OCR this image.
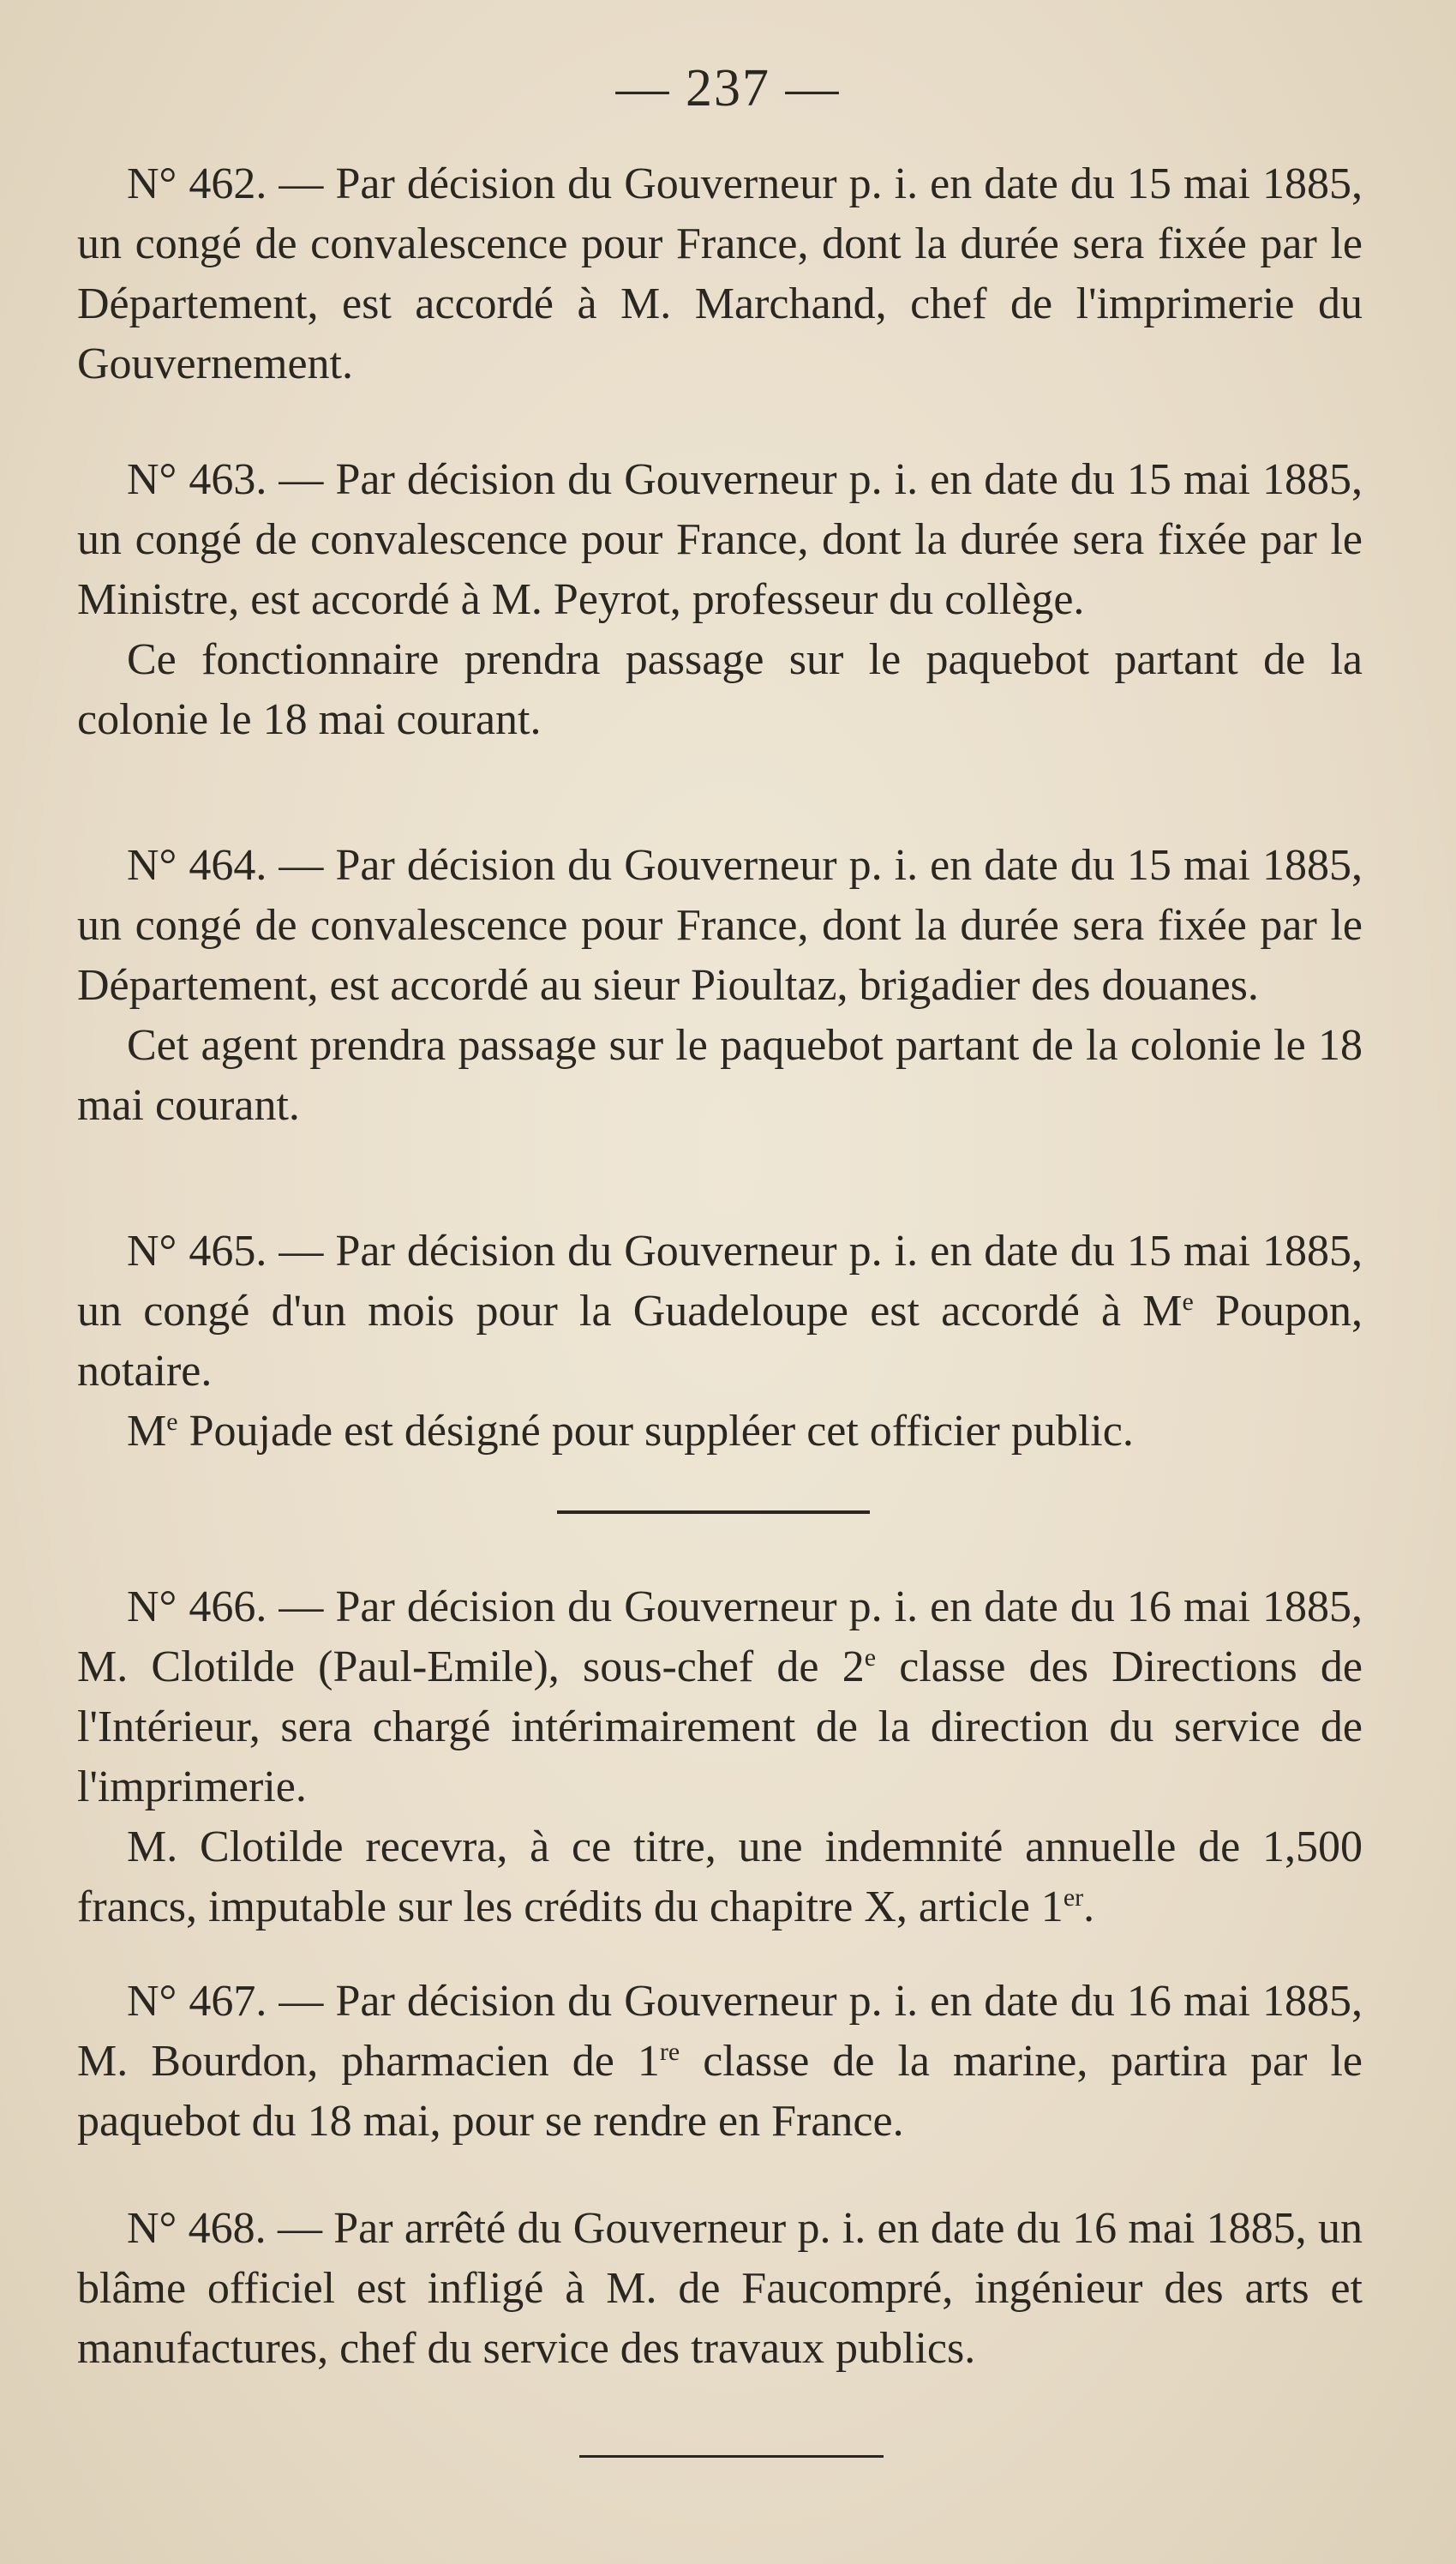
— 237 —

N° 462. — Par décision du Gouverneur p. i. en date du 15 mai 1885, un congé de convalescence pour France, dont la durée sera fixée par le Département, est accordé à M. Marchand, chef de l'imprimerie du Gouvernement.

N° 463. — Par décision du Gouverneur p. i. en date du 15 mai 1885, un congé de convalescence pour France, dont la durée sera fixée par le Ministre, est accordé à M. Peyrot, professeur du collège.

Ce fonctionnaire prendra passage sur le paquebot partant de la colonie le 18 mai courant.

N° 464. — Par décision du Gouverneur p. i. en date du 15 mai 1885, un congé de convalescence pour France, dont la durée sera fixée par le Département, est accordé au sieur Pioultaz, brigadier des douanes.

Cet agent prendra passage sur le paquebot partant de la colonie le 18 mai courant.

N° 465. — Par décision du Gouverneur p. i. en date du 15 mai 1885, un congé d'un mois pour la Guadeloupe est accordé à Me Poupon, notaire.

Me Poujade est désigné pour suppléer cet officier public.

N° 466. — Par décision du Gouverneur p. i. en date du 16 mai 1885, M. Clotilde (Paul-Emile), sous-chef de 2e classe des Directions de l'Intérieur, sera chargé intérimairement de la direction du service de l'imprimerie.

M. Clotilde recevra, à ce titre, une indemnité annuelle de 1,500 francs, imputable sur les crédits du chapitre X, article 1er.

N° 467. — Par décision du Gouverneur p. i. en date du 16 mai 1885, M. Bourdon, pharmacien de 1re classe de la marine, partira par le paquebot du 18 mai, pour se rendre en France.

N° 468. — Par arrêté du Gouverneur p. i. en date du 16 mai 1885, un blâme officiel est infligé à M. de Faucompré, ingénieur des arts et manufactures, chef du service des travaux publics.
